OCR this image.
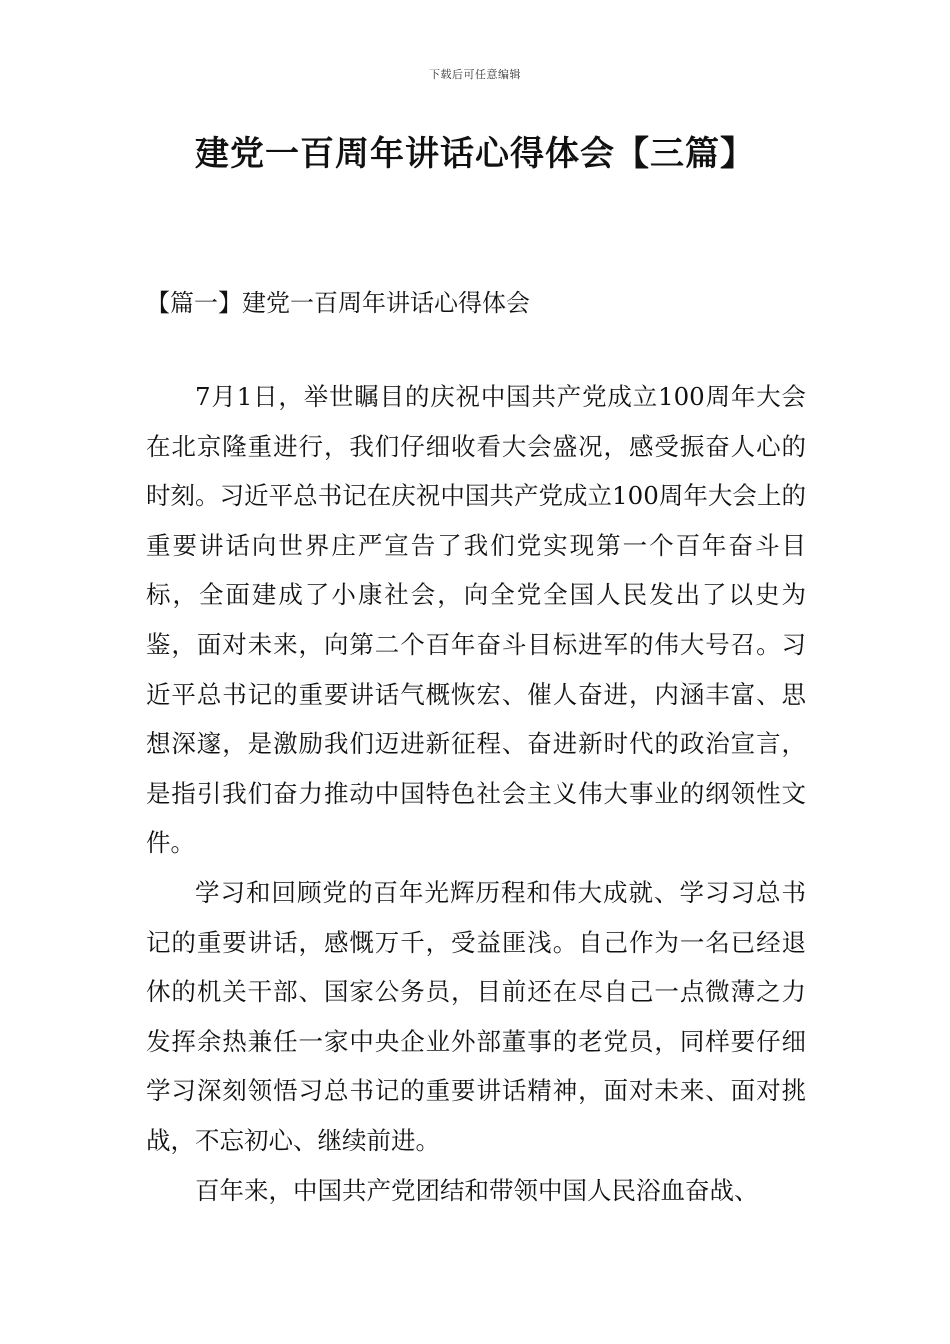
下载后可任意编辑
建党一百周年讲话心得体会【三篇】
【篇一】建党一百周年讲话心得体会

7月1日，举世瞩目的庆祝中国共产党成立100周年大会在北京隆重进行，我们仔细收看大会盛况，感受振奋人心的时刻。习近平总书记在庆祝中国共产党成立100周年大会上的重要讲话向世界庄严宣告了我们党实现第一个百年奋斗目标，全面建成了小康社会，向全党全国人民发出了以史为鉴，面对未来，向第二个百年奋斗目标进军的伟大号召。习近平总书记的重要讲话气概恢宏、催人奋进，内涵丰富、思想深邃，是激励我们迈进新征程、奋进新时代的政治宣言，是指引我们奋力推动中国特色社会主义伟大事业的纲领性文件。

学习和回顾党的百年光辉历程和伟大成就、学习习总书记的重要讲话，感慨万千，受益匪浅。自己作为一名已经退休的机关干部、国家公务员，目前还在尽自己一点微薄之力发挥余热兼任一家中央企业外部董事的老党员，同样要仔细学习深刻领悟习总书记的重要讲话精神，面对未来、面对挑战，不忘初心、继续前进。

百年来，中国共产党团结和带领中国人民浴血奋战、
